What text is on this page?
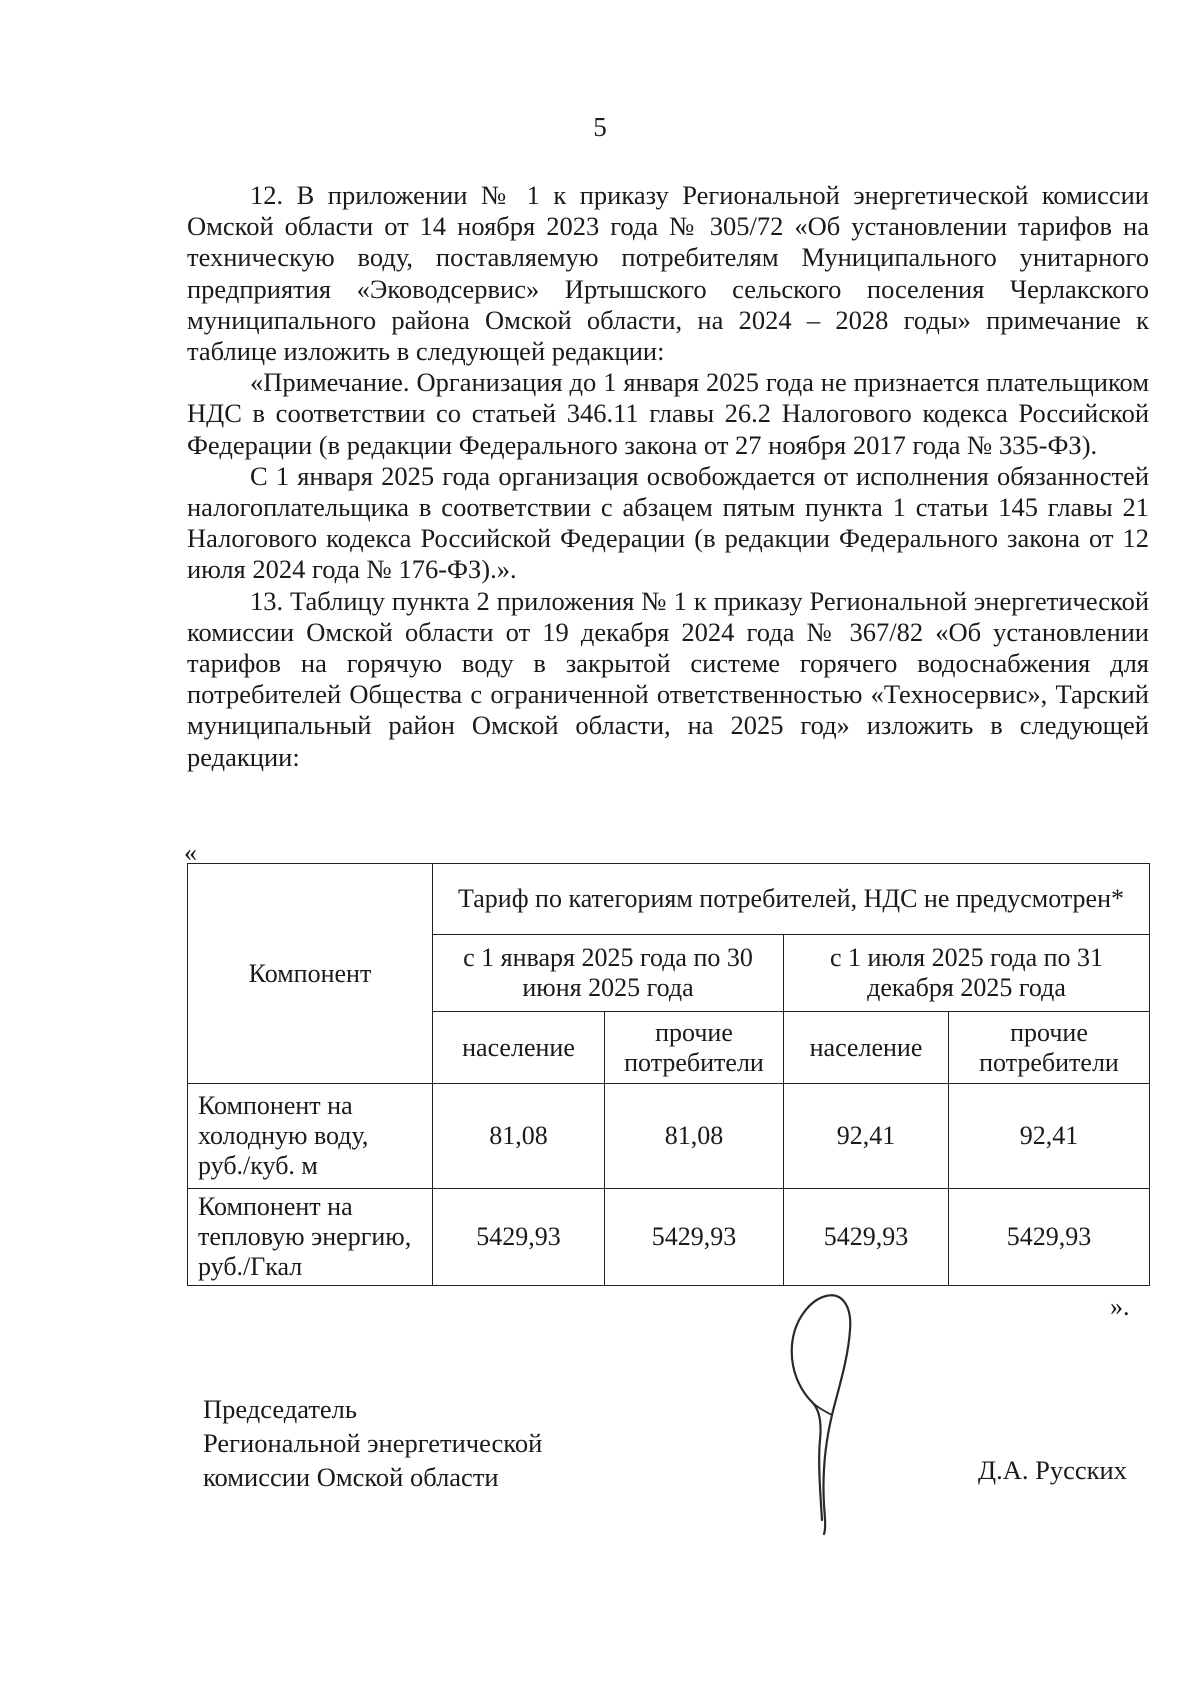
5

12. В приложении № 1 к приказу Региональной энергетической комиссии Омской области от 14 ноября 2023 года № 305/72 «Об установлении тарифов на техническую воду, поставляемую потребителям Муниципального унитарного предприятия «Эководсервис» Иртышского сельского поселения Черлакского муниципального района Омской области, на 2024 – 2028 годы» примечание к таблице изложить в следующей редакции:

«Примечание. Организация до 1 января 2025 года не признается плательщиком НДС в соответствии со статьей 346.11 главы 26.2 Налогового кодекса Российской Федерации (в редакции Федерального закона от 27 ноября 2017 года № 335-ФЗ).

С 1 января 2025 года организация освобождается от исполнения обязанностей налогоплательщика в соответствии с абзацем пятым пункта 1 статьи 145 главы 21 Налогового кодекса Российской Федерации (в редакции Федерального закона от 12 июля 2024 года № 176-ФЗ).».

13. Таблицу пункта 2 приложения № 1 к приказу Региональной энергетической комиссии Омской области от 19 декабря 2024 года № 367/82 «Об установлении тарифов на горячую воду в закрытой системе горячего водоснабжения для потребителей Общества с ограниченной ответственностью «Техносервис», Тарский муниципальный район Омской области, на 2025 год» изложить в следующей редакции:

«
Компонент	Тариф по категориям потребителей, НДС не предусмотрен*			
	с 1 января 2025 года по 30 июня 2025 года		с 1 июля 2025 года по 31 декабря 2025 года	
	население	прочие потребители	население	прочие потребители
Компонент на холодную воду, руб./куб. м	81,08	81,08	92,41	92,41
Компонент на тепловую энергию, руб./Гкал	5429,93	5429,93	5429,93	5429,93
».
Председатель
Региональной энергетической
комиссии Омской области	Д.А. Русских
